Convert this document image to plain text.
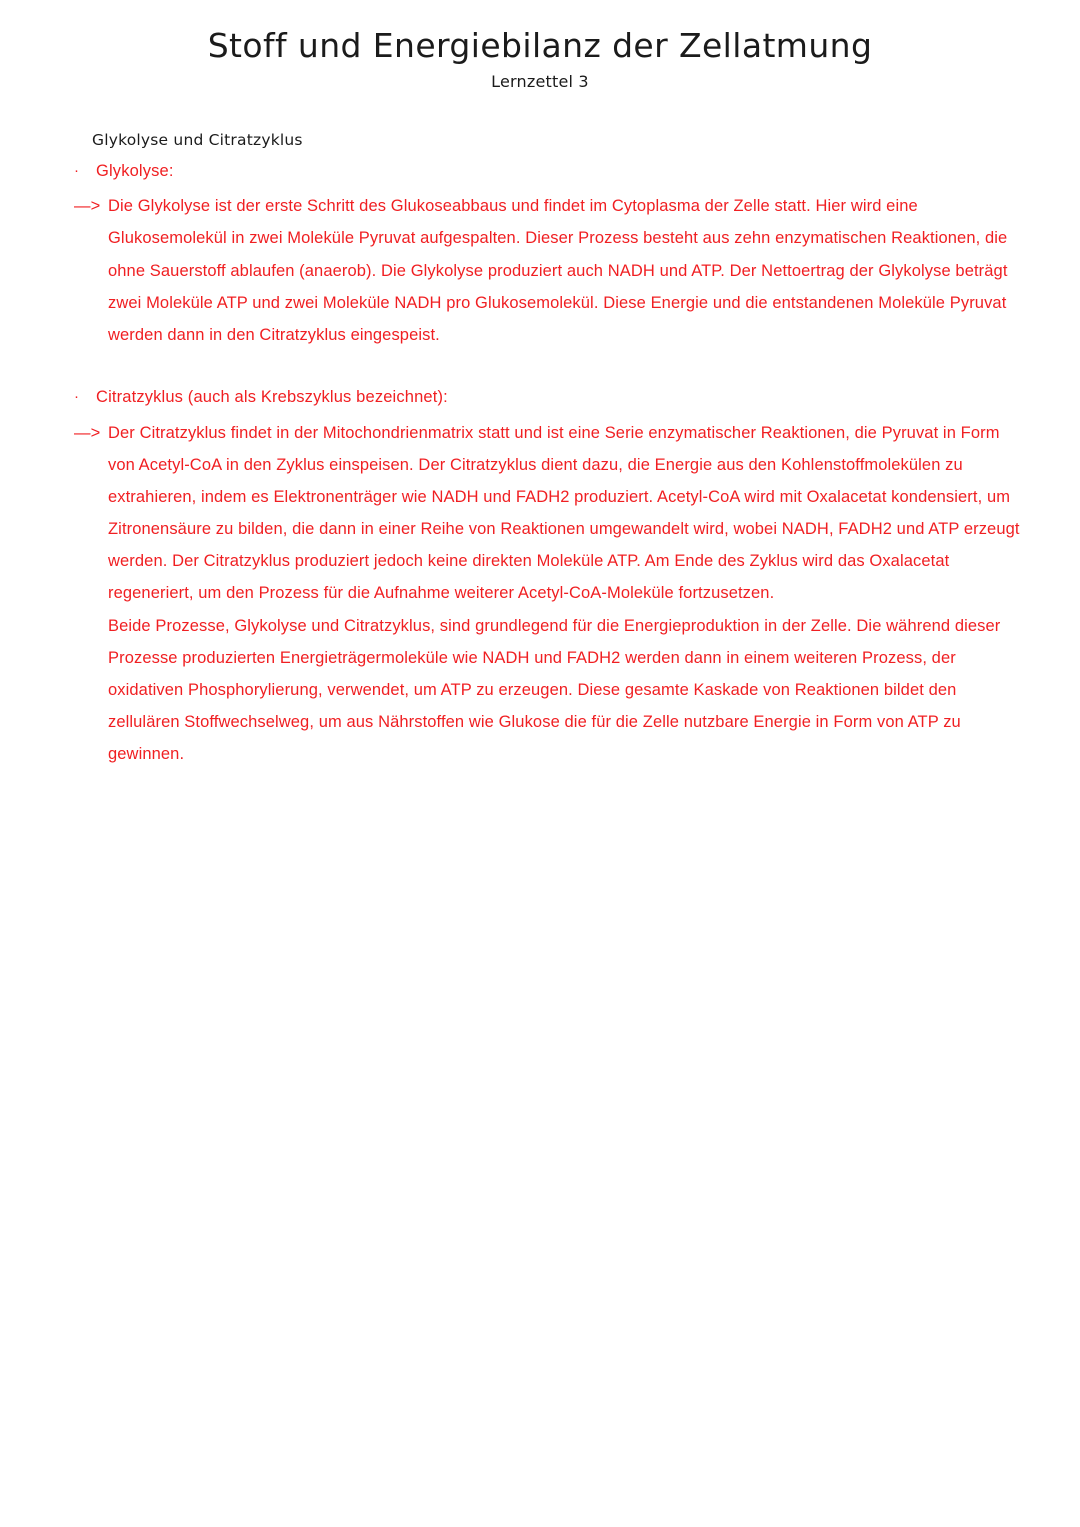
Stoff und Energiebilanz der Zellatmung
Lernzettel 3
Glykolyse und Citratzyklus
·	Glykolyse:
—> Die Glykolyse ist der erste Schritt des Glukoseabbaus und findet im Cytoplasma der Zelle statt. Hier wird eine Glukosemolekül in zwei Moleküle Pyruvat aufgespalten. Dieser Prozess besteht aus zehn enzymatischen Reaktionen, die ohne Sauerstoff ablaufen (anaerob). Die Glykolyse produziert auch NADH und ATP. Der Nettoertrag der Glykolyse beträgt zwei Moleküle ATP und zwei Moleküle NADH pro Glukosemolekül. Diese Energie und die entstandenen Moleküle Pyruvat werden dann in den Citratzyklus eingespeist.
·	Citratzyklus (auch als Krebszyklus bezeichnet):
—> Der Citratzyklus findet in der Mitochondrienmatrix statt und ist eine Serie enzymatischer Reaktionen, die Pyruvat in Form von Acetyl-CoA in den Zyklus einspeisen. Der Citratzyklus dient dazu, die Energie aus den Kohlenstoffmolekülen zu extrahieren, indem es Elektronenträger wie NADH und FADH2 produziert. Acetyl-CoA wird mit Oxalacetat kondensiert, um Zitronensäure zu bilden, die dann in einer Reihe von Reaktionen umgewandelt wird, wobei NADH, FADH2 und ATP erzeugt werden. Der Citratzyklus produziert jedoch keine direkten Moleküle ATP. Am Ende des Zyklus wird das Oxalacetat regeneriert, um den Prozess für die Aufnahme weiterer Acetyl-CoA-Moleküle fortzusetzen.
Beide Prozesse, Glykolyse und Citratzyklus, sind grundlegend für die Energieproduktion in der Zelle. Die während dieser Prozesse produzierten Energieträgermoleküle wie NADH und FADH2 werden dann in einem weiteren Prozess, der oxidativen Phosphorylierung, verwendet, um ATP zu erzeugen. Diese gesamte Kaskade von Reaktionen bildet den zellulären Stoffwechselweg, um aus Nährstoffen wie Glukose die für die Zelle nutzbare Energie in Form von ATP zu gewinnen.
